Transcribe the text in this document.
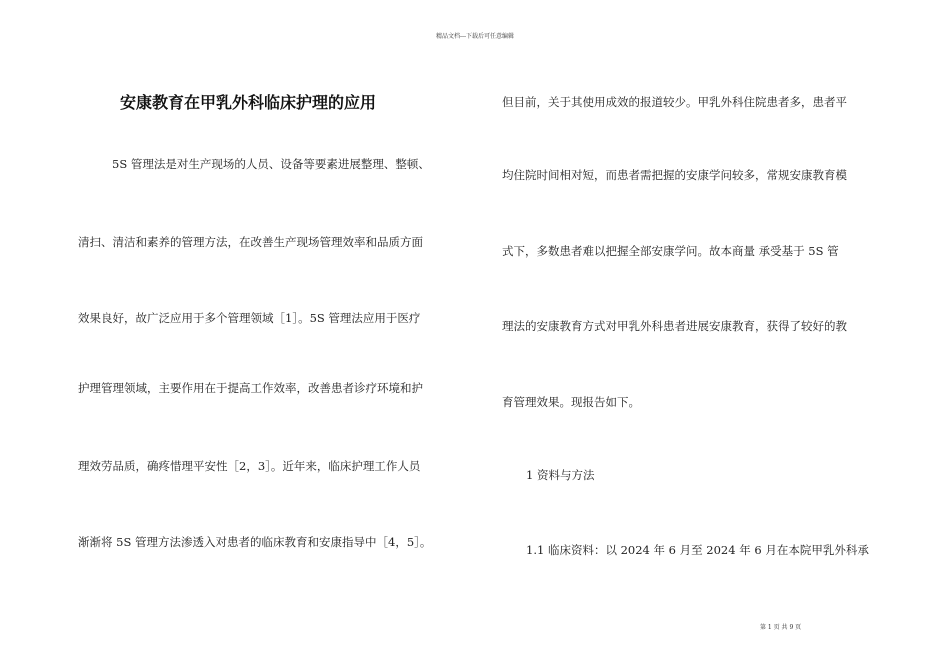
精品文档---下载后可任意编辑
安康教育在甲乳外科临床护理的应用
5S 管理法是对生产现场的人员、设备等要素进展整理、整顿、
清扫、清洁和素养的管理方法，在改善生产现场管理效率和品质方面
效果良好，故广泛应用于多个管理领域［1］。5S 管理法应用于医疗
护理管理领域，主要作用在于提高工作效率，改善患者诊疗环境和护
理效劳品质，确疼惜理平安性［2，3］。近年来，临床护理工作人员
渐渐将 5S 管理方法渗透入对患者的临床教育和安康指导中［4，5］。
但目前，关于其使用成效的报道较少。甲乳外科住院患者多，患者平
均住院时间相对短，而患者需把握的安康学问较多，常规安康教育模
式下，多数患者难以把握全部安康学问。故本商量 承受基于 5S 管
理法的安康教育方式对甲乳外科患者进展安康教育，获得了较好的教
育管理效果。现报告如下。
1 资料与方法
1.1 临床资料：以 2024 年 6 月至 2024 年 6 月在本院甲乳外科承
第 1 页 共 9 页
